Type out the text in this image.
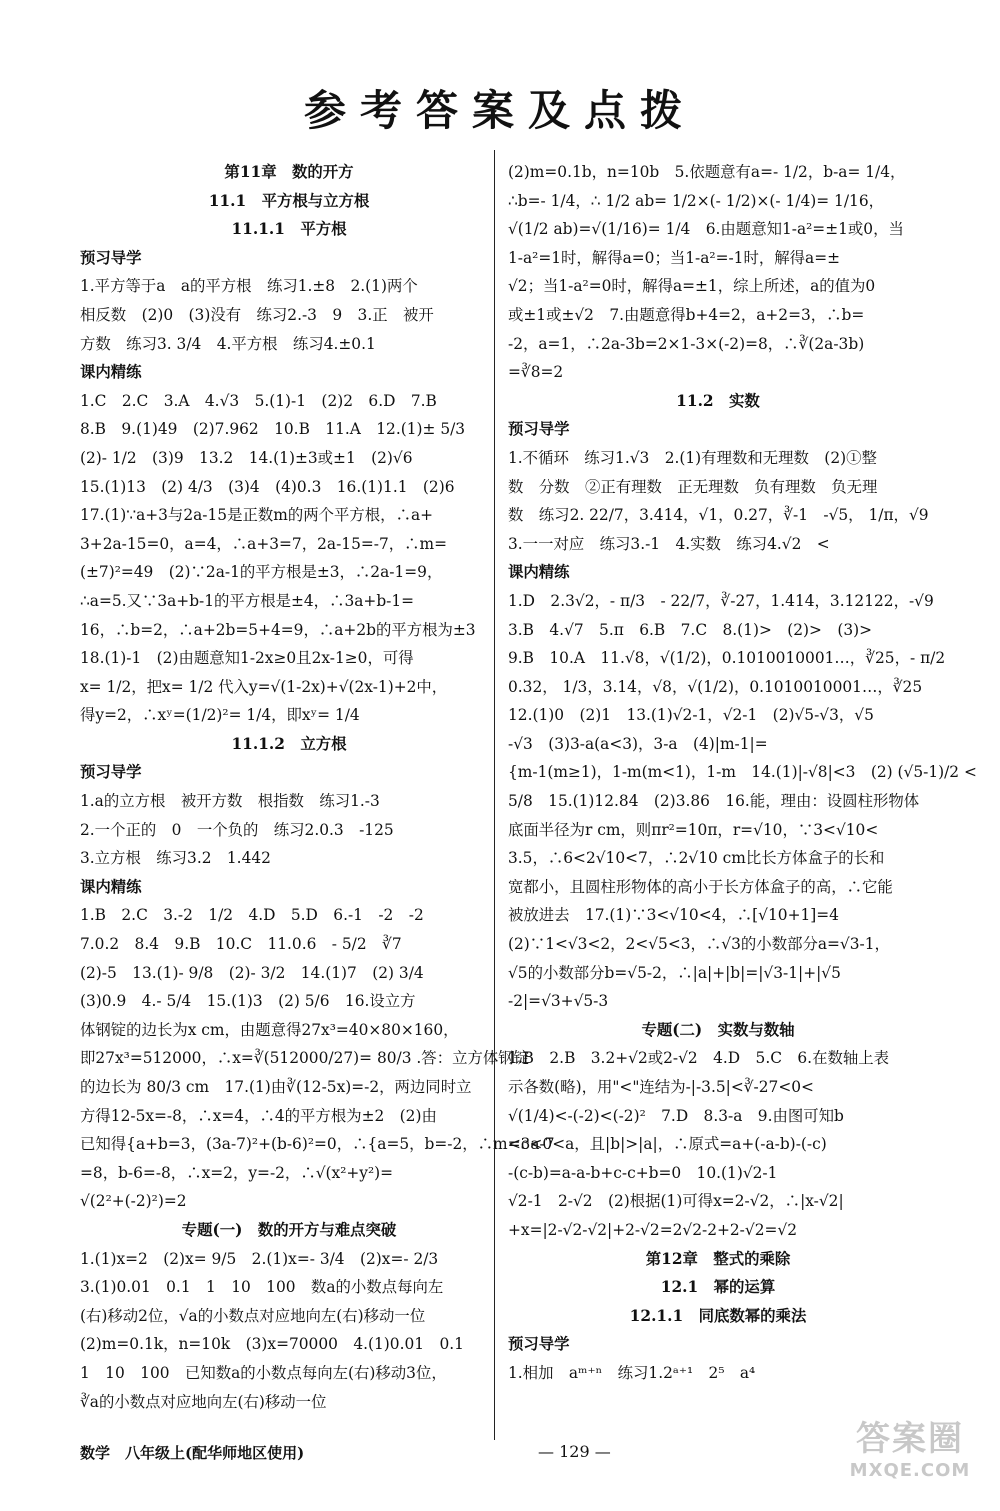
参考答案及点拨
第11章　数的开方
11.1　平方根与立方根
11.1.1　平方根
预习导学
1.平方等于a　a的平方根　练习1.±8　2.(1)两个
相反数　(2)0　(3)没有　练习2.-3　9　3.正　被开
方数　练习3. 3/4　4.平方根　练习4.±0.1
课内精练
1.C　2.C　3.A　4.√3　5.(1)-1　(2)2　6.D　7.B
8.B　9.(1)49　(2)7.962　10.B　11.A　12.(1)± 5/3
(2)- 1/2　(3)9　13.2　14.(1)±3或±1　(2)√6
15.(1)13　(2) 4/3　(3)4　(4)0.3　16.(1)1.1　(2)6
17.(1)∵a+3与2a-15是正数m的两个平方根，∴a+
3+2a-15=0，a=4，∴a+3=7，2a-15=-7，∴m=
(±7)²=49　(2)∵2a-1的平方根是±3，∴2a-1=9，
∴a=5.又∵3a+b-1的平方根是±4，∴3a+b-1=
16，∴b=2，∴a+2b=5+4=9，∴a+2b的平方根为±3
18.(1)-1　(2)由题意知1-2x≥0且2x-1≥0，可得
x= 1/2，把x= 1/2 代入y=√(1-2x)+√(2x-1)+2中，
得y=2，∴xʸ=(1/2)²= 1/4，即xʸ= 1/4
11.1.2　立方根
预习导学
1.a的立方根　被开方数　根指数　练习1.-3
2.一个正的　0　一个负的　练习2.0.3　-125
3.立方根　练习3.2　1.442
课内精练
1.B　2.C　3.-2　1/2　4.D　5.D　6.-1　-2　-2
7.0.2　8.4　9.B　10.C　11.0.6　- 5/2　∛7
(2)-5　13.(1)- 9/8　(2)- 3/2　14.(1)7　(2) 3/4
(3)0.9　4.- 5/4　15.(1)3　(2) 5/6　16.设立方
体钢锭的边长为x cm，由题意得27x³=40×80×160，
即27x³=512000，∴x=∛(512000/27)= 80/3 .答：立方体钢锭
的边长为 80/3 cm　17.(1)由∛(12-5x)=-2，两边同时立
方得12-5x=-8，∴x=4，∴4的平方根为±2　(2)由
已知得{a+b=3，(3a-7)²+(b-6)²=0，∴{a=5，b=-2，∴m=3a-7
=8，b-6=-8，∴x=2，y=-2，∴√(x²+y²)=
√(2²+(-2)²)=2
专题(一)　数的开方与难点突破
1.(1)x=2　(2)x= 9/5　2.(1)x=- 3/4　(2)x=- 2/3
3.(1)0.01　0.1　1　10　100　数a的小数点每向左
(右)移动2位，√a的小数点对应地向左(右)移动一位
(2)m=0.1k，n=10k　(3)x=70000　4.(1)0.01　0.1
1　10　100　已知数a的小数点每向左(右)移动3位，
∛a的小数点对应地向左(右)移动一位
(2)m=0.1b，n=10b　5.依题意有a=- 1/2，b-a= 1/4，
∴b=- 1/4，∴ 1/2 ab= 1/2×(- 1/2)×(- 1/4)= 1/16，
√(1/2 ab)=√(1/16)= 1/4　6.由题意知1-a²=±1或0，当
1-a²=1时，解得a=0；当1-a²=-1时，解得a=±
√2；当1-a²=0时，解得a=±1，综上所述，a的值为0
或±1或±√2　7.由题意得b+4=2，a+2=3，∴b=
-2，a=1，∴2a-3b=2×1-3×(-2)=8，∴∛(2a-3b)
=∛8=2
11.2　实数
预习导学
1.不循环　练习1.√3　2.(1)有理数和无理数　(2)①整
数　分数　②正有理数　正无理数　负有理数　负无理
数　练习2. 22/7，3.414，√1，0.27，∛-1　-√5， 1/π，√9
3.一一对应　练习3.-1　4.实数　练习4.√2　<
课内精练
1.D　2.3√2，- π/3　- 22/7，∛-27，1.414，3.12122，-√9
3.B　4.√7　5.π　6.B　7.C　8.(1)>　(2)>　(3)>
9.B　10.A　11.√8，√(1/2)，0.1010010001…，∛25，- π/2
0.32， 1/3，3.14̇，√8，√(1/2)，0.1010010001…，∛25
12.(1)0　(2)1　13.(1)√2-1，√2-1　(2)√5-√3，√5
-√3　(3)3-a(a<3)，3-a　(4)|m-1|=
{m-1(m≥1)，1-m(m<1)，1-m　14.(1)|-√8|<3　(2) (√5-1)/2 <
5/8　15.(1)12.84　(2)3.86　16.能，理由：设圆柱形物体
底面半径为r cm，则πr²=10π，r=√10，∵3<√10<
3.5，∴6<2√10<7，∴2√10 cm比长方体盒子的长和
宽都小，且圆柱形物体的高小于长方体盒子的高，∴它能
被放进去　17.(1)∵3<√10<4，∴[√10+1]=4
(2)∵1<√3<2，2<√5<3，∴√3的小数部分a=√3-1，
√5的小数部分b=√5-2，∴|a|+|b|=|√3-1|+|√5
-2|=√3+√5-3
专题(二)　实数与数轴
1.B　2.B　3.2+√2或2-√2　4.D　5.C　6.在数轴上表
示各数(略)，用"<"连结为-|-3.5|<∛-27<0<
√(1/4)<-(-2)<(-2)²　7.D　8.3-a　9.由图可知b
<c<0<a，且|b|>|a|，∴原式=a+(-a-b)-(-c)
-(c-b)=a-a-b+c-c+b=0　10.(1)√2-1
√2-1　2-√2　(2)根据(1)可得x=2-√2，∴|x-√2|
+x=|2-√2-√2|+2-√2=2√2-2+2-√2=√2
第12章　整式的乘除
12.1　幂的运算
12.1.1　同底数幂的乘法
预习导学
1.相加　aᵐ⁺ⁿ　练习1.2ᵃ⁺¹　2⁵　a⁴
数学　八年级上(配华师地区使用)	— 129 —	答案圈
MXQE.COM
